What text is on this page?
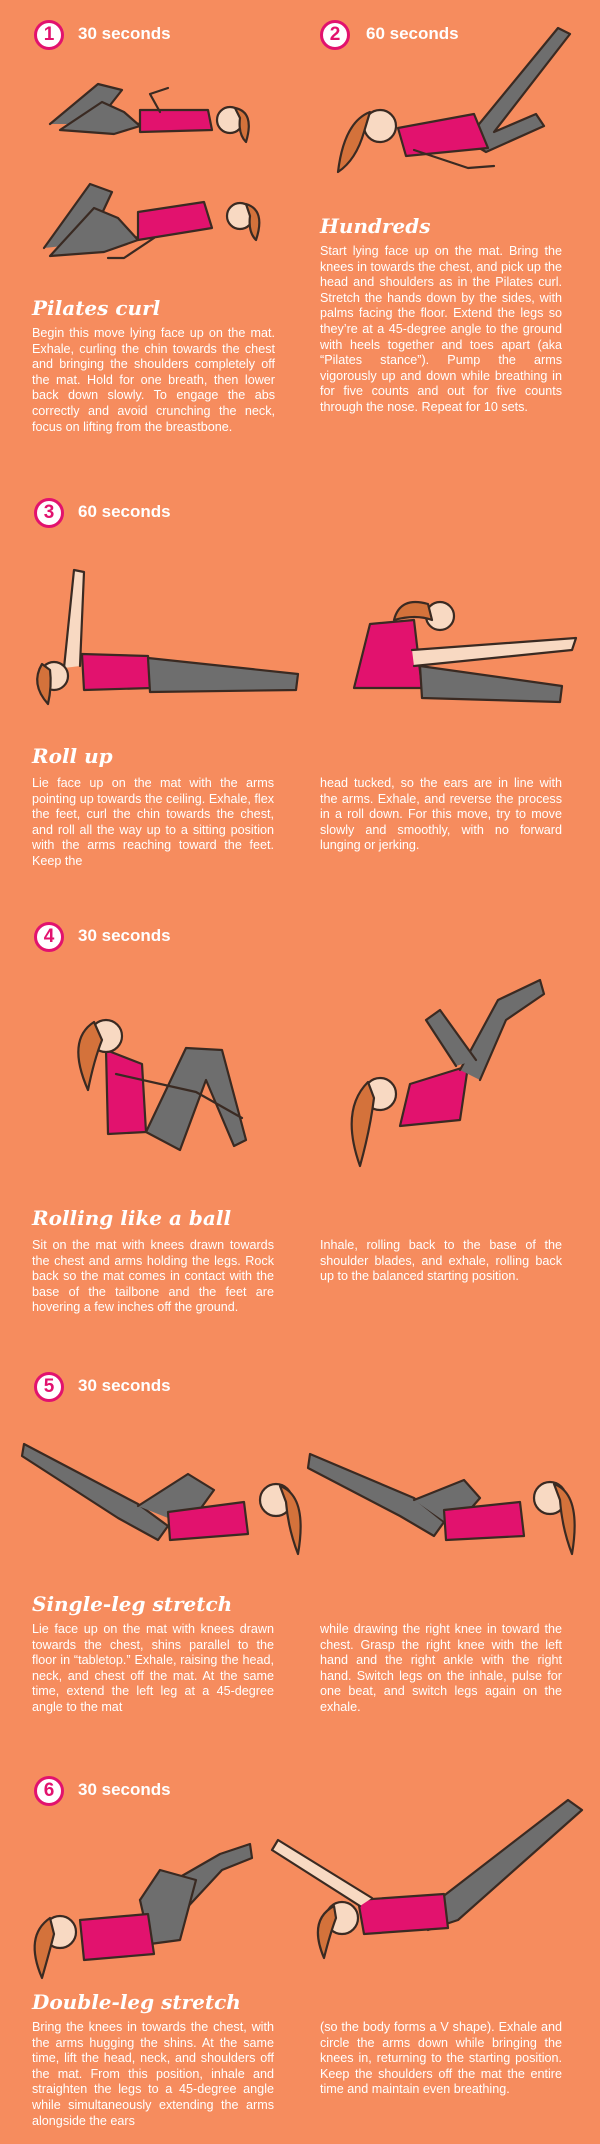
1	30 seconds
Pilates curl
Begin this move lying face up on the mat. Exhale, curling the chin towards the chest and bringing the shoulders completely off the mat. Hold for one breath, then lower back down slowly. To engage the abs correctly and avoid crunching the neck, focus on lifting from the breastbone.
2	60 seconds
Hundreds
Start lying face up on the mat. Bring the knees in towards the chest, and pick up the head and shoulders as in the Pilates curl. Stretch the hands down by the sides, with palms facing the floor. Extend the legs so they’re at a 45-degree angle to the ground with heels together and toes apart (aka “Pilates stance”). Pump the arms vigorously up and down while breathing in for five counts and out for five counts through the nose. Repeat for 10 sets.
3	60 seconds
Roll up
Lie face up on the mat with the arms pointing up towards the ceiling. Exhale, flex the feet, curl the chin towards the chest, and roll all the way up to a sitting position with the arms reaching toward the feet. Keep the
head tucked, so the ears are in line with the arms. Exhale, and reverse the process in a roll down. For this move, try to move slowly and smoothly, with no forward lunging or jerking.
4	30 seconds
Rolling like a ball
Sit on the mat with knees drawn towards the chest and arms holding the legs. Rock back so the mat comes in contact with the base of the tailbone and the feet are hovering a few inches off the ground.
Inhale, rolling back to the base of the shoulder blades, and exhale, rolling back up to the balanced starting position.
5	30 seconds
Single-leg stretch
Lie face up on the mat with knees drawn towards the chest, shins parallel to the floor in “tabletop.” Exhale, raising the head, neck, and chest off the mat. At the same time, extend the left leg at a 45-degree angle to the mat
while drawing the right knee in toward the chest. Grasp the right knee with the left hand and the right ankle with the right hand. Switch legs on the inhale, pulse for one beat, and switch legs again on the exhale.
6	30 seconds
Double-leg stretch
Bring the knees in towards the chest, with the arms hugging the shins. At the same time, lift the head, neck, and shoulders off the mat. From this position, inhale and straighten the legs to a 45-degree angle while simultaneously extending the arms alongside the ears
(so the body forms a V shape). Exhale and circle the arms down while bringing the knees in, returning to the starting position. Keep the shoulders off the mat the entire time and maintain even breathing.
